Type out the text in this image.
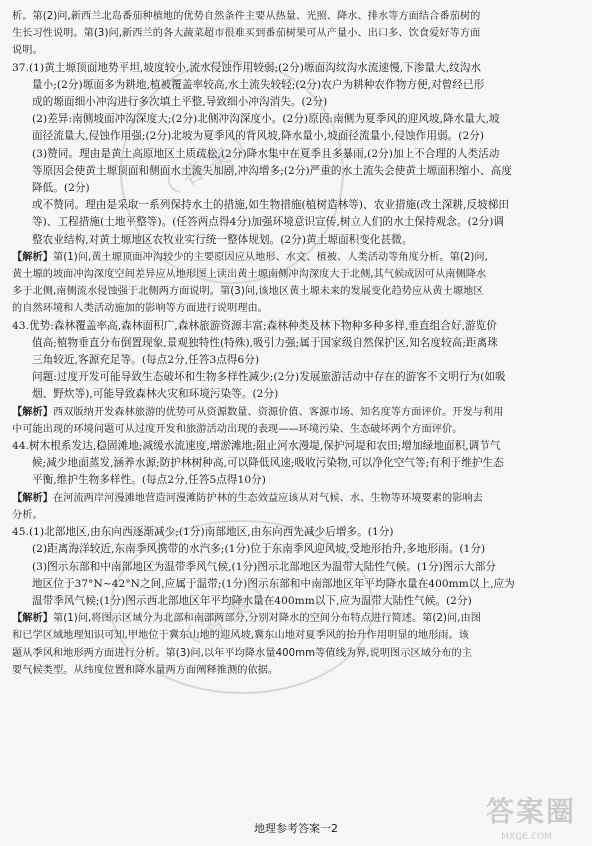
析。第(2)问,新西兰北岛番茄种植地的优势自然条件主要从热量、光照、降水、排水等方面结合番茄树的
生长习性说明。第(3)问,新西兰的各大蔬菜超市很难买到番茄树果可从产量小、出口多、饮食爱好等方面
说明。
37.(1)黄土塬顶面地势平坦,坡度较小,流水侵蚀作用较弱;(2分)塬面沟纹沟水流速慢,下渗量大,纹沟水
量小;(2分)塬面多为耕地,植被覆盖率较高,水土流失较轻;(2分)农户为耕种农作物方便,对曾经已形
成的塬面细小冲沟进行多次填土平整,导致细小冲沟消失。(2分)
(2)差异:南侧坡面冲沟深度大;(2分)北侧冲沟深度小。(2分)原因:南侧为夏季风的迎风坡,降水量大,坡
面径流量大,侵蚀作用强;(2分)北坡为夏季风的背风坡,降水量小,坡面径流量小,侵蚀作用弱。(2分)
(3)赞同。理由是黄土高原地区土质疏松,(2分)降水集中在夏季且多暴雨,(2分)加上不合理的人类活动
等原因会使黄土塬顶面和侧面水土流失加剧,冲沟增多;(2分)严重的水土流失会使黄土塬面积缩小、高度
降低。(2分)
或不赞同。理由是采取一系列保持水土的措施,如生物措施(植树造林等)、农业措施(改土深耕,反坡梯田
等)、工程措施(土地平整等)。(任答两点得4分)加强环境意识宣传,树立人们的水土保持观念。(2分)调
整农业结构,对黄土塬地区农牧业实行统一整体规划。(2分)黄土塬面积变化甚微。
【解析】第(1)问,黄土塬顶面冲沟较少的主要原因应从地形、水文、植被、人类活动等角度分析。第(2)问,
黄土塬的坡面冲沟深度空间差异应从地形图上读出黄土塬南侧冲沟深度大于北侧,其气候成因可从南侧降水
多于北侧,南侧流水侵蚀强于北侧两方面说明。第(3)问,该地区黄土塬未来的发展变化趋势应从黄土塬地区
的自然环境和人类活动施加的影响等方面进行说明理由。
43.优势:森林覆盖率高,森林面积广,森林旅游资源丰富;森林种类及林下物种多种多样,垂直组合好,游览价
值高;植物垂直分布倒置现象,景观独特性(特殊),吸引力强;属于国家级自然保护区,知名度较高;距离珠
三角较近,客源充足等。(每点2分,任答3点得6分)
问题:过度开发可能导致生态破坏和生物多样性减少;(2分)发展旅游活动中存在的游客不文明行为(如吸
烟、野炊等),可能导致森林火灾和环境污染等。(2分)
【解析】西双版纳开发森林旅游的优势可从资源数量、资源价值、客源市场、知名度等方面评价。开发与利用
中可能出现的环境问题可从过度开发和旅游活动出现的表现——环境污染、生态破坏两个方面评价。
44.树木根系发达,稳固滩地;减缓水流速度,增淤滩地;阻止河水漫堤,保护河堤和农田;增加绿地面积,调节气
候;减少地面蒸发,涵养水源;防护林树种高,可以降低风速;吸收污染物,可以净化空气等;有利于维护生态
平衡,维护生物多样性。(每点2分,任答5点得10分)
【解析】在河流两岸河漫滩地营造河漫滩防护林的生态效益应该从对气候、水、生物等环境要素的影响去
分析。
45.(1)北部地区,由东向西逐渐减少;(1分)南部地区,由东向西先减少后增多。(1分)
(2)距离海洋较近,东南季风携带的水汽多;(1分)位于东南季风迎风坡,受地形抬升,多地形雨。(1分)
(3)图示东部和中南部地区为温带季风气候,(1分)图示北部地区为温带大陆性气候。(1分)图示大部分
地区位于37°N~42°N之间,应属于温带;(1分)图示东部和中南部地区年平均降水量在400mm以上,应为
温带季风气候;(1分)图示西北部地区年平均降水量在400mm以下,应为温带大陆性气候。(2分)
【解析】第(1)问,将图示区域分为北部和南部两部分,分别对降水的空间分布特点进行简述。第(2)问,由图
和已学区域地理知识可知,甲地位于冀东山地的迎风坡,冀东山地对夏季风的抬升作用明显的地形雨。该
题从季风和地形两方面进行分析。第(3)问,以年平均降水量400mm等值线为界,说明图示区域分布的主
要气候类型。从纬度位置和降水量两方面阐释推测的依据。
地理参考答案一2
（ 答 案 ）
（ 答 案 ）
答案圈
MXQE.COM
